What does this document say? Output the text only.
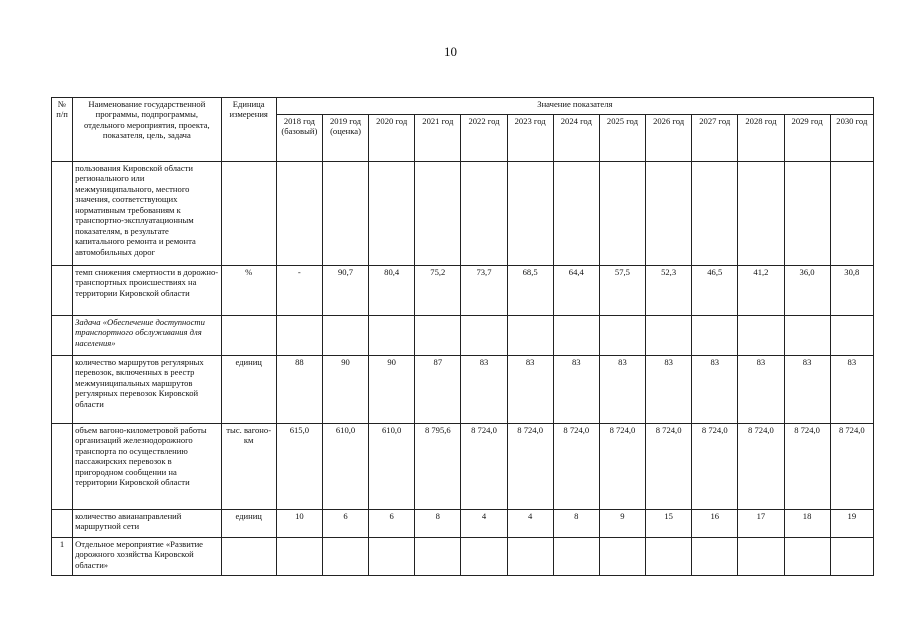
10
№ п/п	Наименование государственной программы, подпрограммы, отдельного мероприятия, проекта, показателя, цель, задача	Единица измерения	Значение показателя												
			2018 год (базовый)	2019 год (оценка)	2020 год	2021 год	2022 год	2023 год	2024 год	2025 год	2026 год	2027 год	2028 год	2029 год	2030 год
	пользования Кировской области регионального или межмуниципального, местного значения, соответствующих нормативным требованиям к транспортно-эксплуатационным показателям, в результате капитального ремонта и ремонта автомобильных дорог														
	темп снижения смертности в дорожно-транспортных происшествиях на территории Кировской области	%	-	90,7	80,4	75,2	73,7	68,5	64,4	57,5	52,3	46,5	41,2	36,0	30,8
	Задача «Обеспечение доступности транспортного обслуживания для населения»														
	количество маршрутов регулярных перевозок, включенных в реестр межмуниципальных маршрутов регулярных перевозок Кировской области	единиц	88	90	90	87	83	83	83	83	83	83	83	83	83
	объем вагоно-километровой работы организаций железнодорожного транспорта по осуществлению пассажирских перевозок в пригородном сообщении на территории Кировской области	тыс. вагоно-км	615,0	610,0	610,0	8 795,6	8 724,0	8 724,0	8 724,0	8 724,0	8 724,0	8 724,0	8 724,0	8 724,0	8 724,0
	количество авианаправлений маршрутной сети	единиц	10	6	6	8	4	4	8	9	15	16	17	18	19
1	Отдельное мероприятие «Развитие дорожного хозяйства Кировской области»														
